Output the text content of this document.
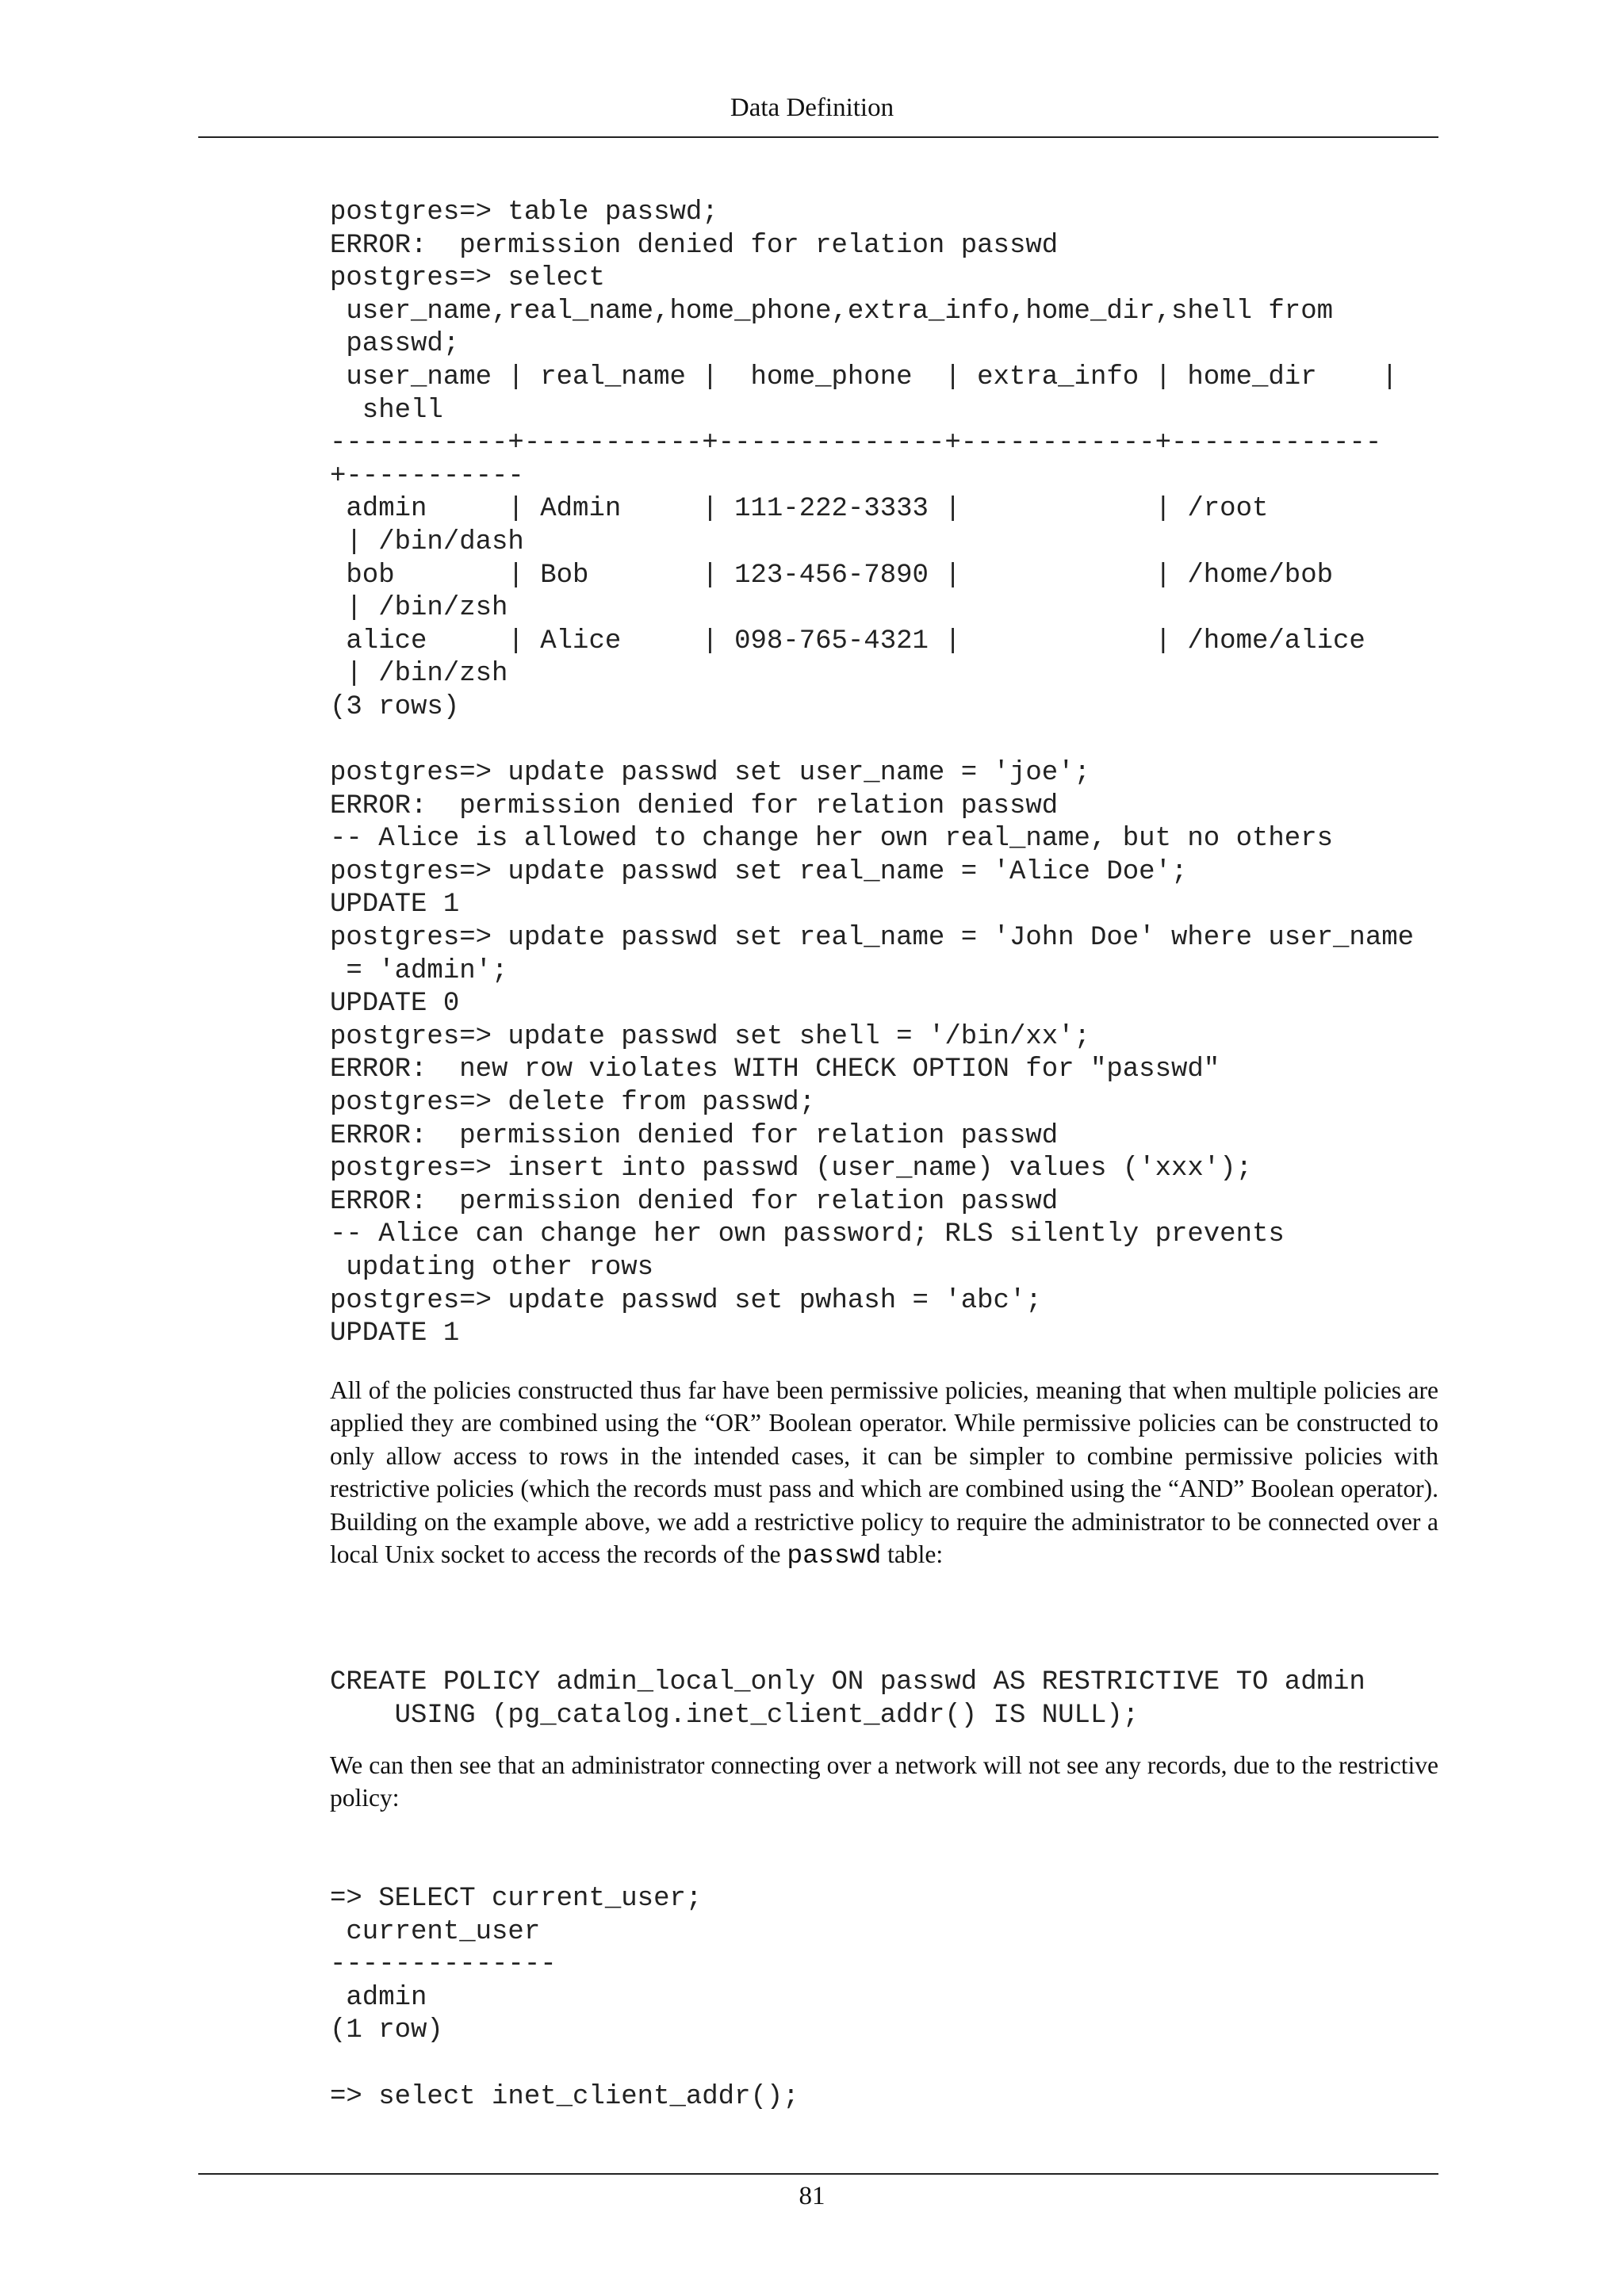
Data Definition
postgres=> table passwd;
ERROR:  permission denied for relation passwd
postgres=> select
user_name,real_name,home_phone,extra_info,home_dir,shell from
passwd;
user_name | real_name |  home_phone  | extra_info | home_dir    |
shell
-----------+-----------+--------------+------------+-------------
+-----------
admin     | Admin     | 111-222-3333 |            | /root
| /bin/dash
bob       | Bob       | 123-456-7890 |            | /home/bob
| /bin/zsh
alice     | Alice     | 098-765-4321 |            | /home/alice
| /bin/zsh
(3 rows)

postgres=> update passwd set user_name = 'joe';
ERROR:  permission denied for relation passwd
-- Alice is allowed to change her own real_name, but no others
postgres=> update passwd set real_name = 'Alice Doe';
UPDATE 1
postgres=> update passwd set real_name = 'John Doe' where user_name
= 'admin';
UPDATE 0
postgres=> update passwd set shell = '/bin/xx';
ERROR:  new row violates WITH CHECK OPTION for "passwd"
postgres=> delete from passwd;
ERROR:  permission denied for relation passwd
postgres=> insert into passwd (user_name) values ('xxx');
ERROR:  permission denied for relation passwd
-- Alice can change her own password; RLS silently prevents
updating other rows
postgres=> update passwd set pwhash = 'abc';
UPDATE 1

All of the policies constructed thus far have been permissive policies, meaning that when multiple policies are applied they are combined using the “OR” Boolean operator. While permissive policies can be constructed to only allow access to rows in the intended cases, it can be simpler to combine permissive policies with restrictive policies (which the records must pass and which are combined using the “AND” Boolean operator). Building on the example above, we add a restrictive policy to require the administrator to be connected over a local Unix socket to access the records of the passwd table:

CREATE POLICY admin_local_only ON passwd AS RESTRICTIVE TO admin
USING (pg_catalog.inet_client_addr() IS NULL);

We can then see that an administrator connecting over a network will not see any records, due to the restrictive policy:

=> SELECT current_user;
current_user
--------------
admin
(1 row)

=> select inet_client_addr();
81
